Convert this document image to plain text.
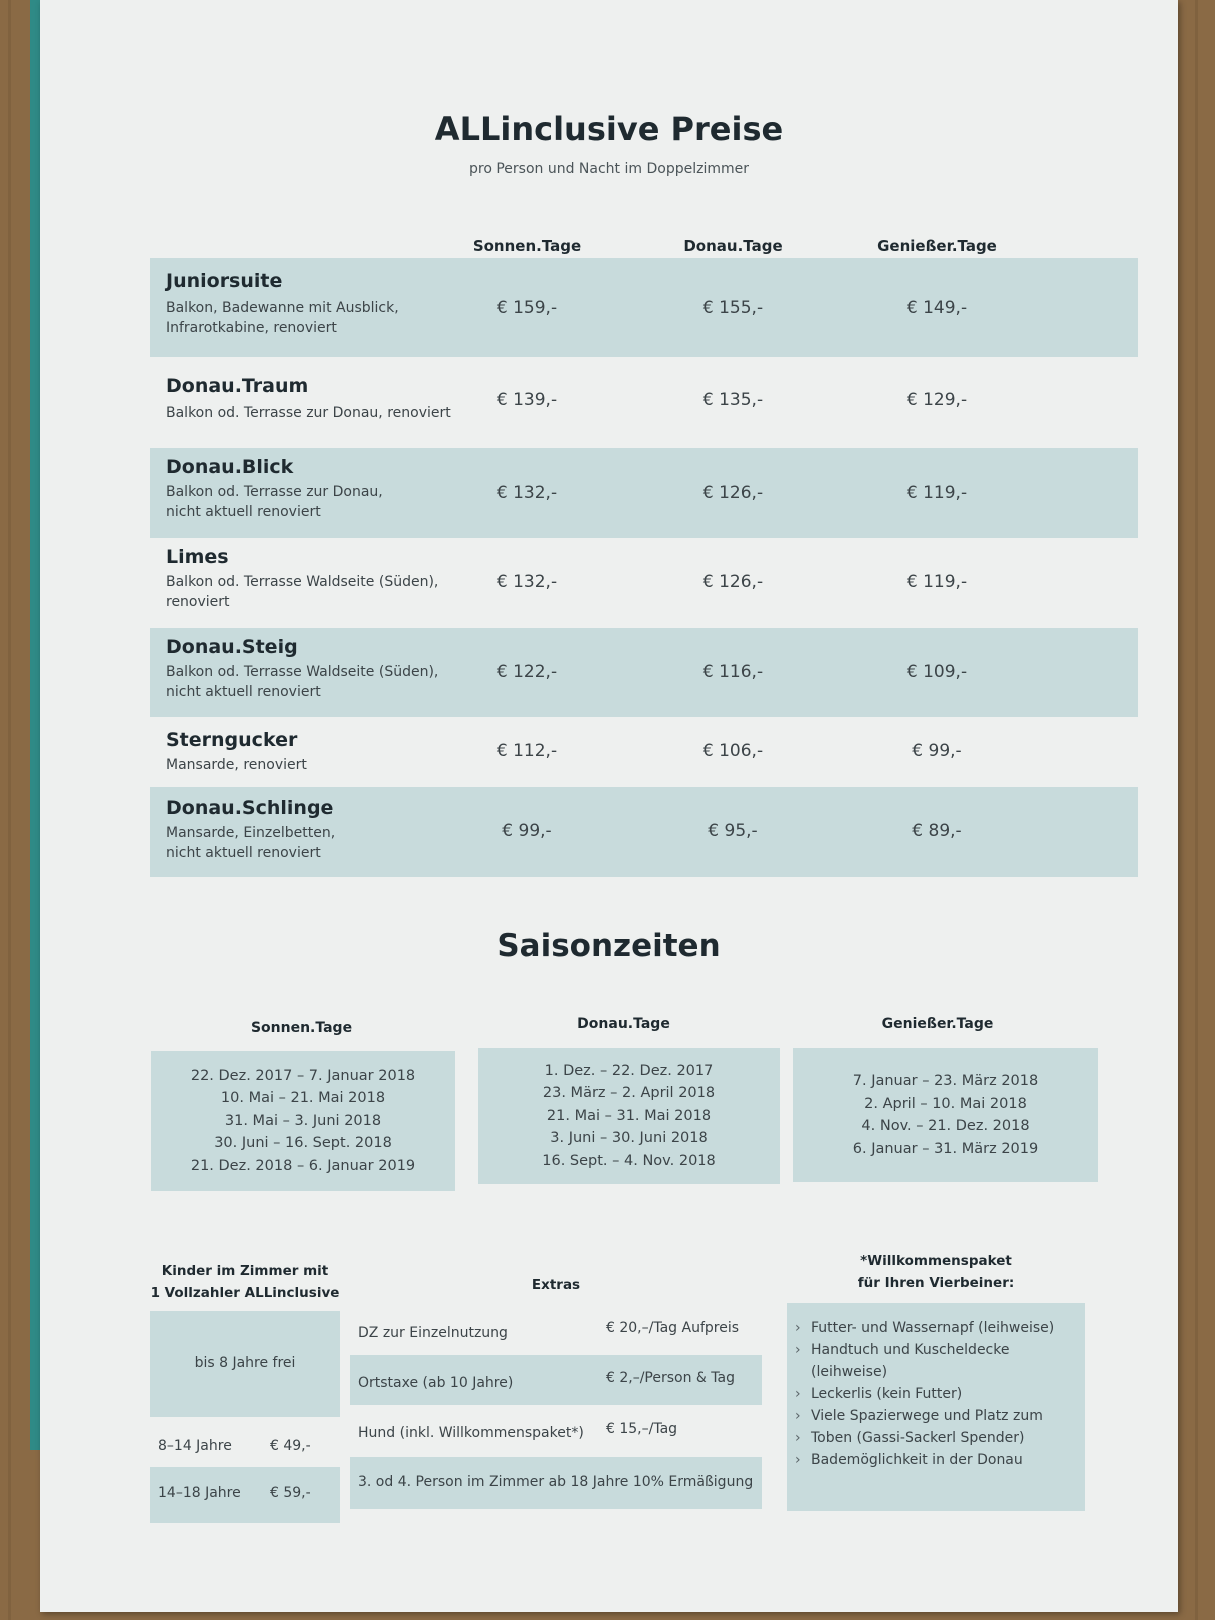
ALLinclusive Preise
pro Person und Nacht im Doppelzimmer
Sonnen.Tage	Donau.Tage	Genießer.Tage
Juniorsuite
Balkon, Badewanne mit Ausblick,
Infrarotkabine, renoviert
€ 159,-	€ 155,-	€ 149,-
Donau.Traum
Balkon od. Terrasse zur Donau, renoviert
€ 139,-	€ 135,-	€ 129,-
Donau.Blick
Balkon od. Terrasse zur Donau,
nicht aktuell renoviert
€ 132,-	€ 126,-	€ 119,-
Limes
Balkon od. Terrasse Waldseite (Süden),
renoviert
€ 132,-	€ 126,-	€ 119,-
Donau.Steig
Balkon od. Terrasse Waldseite (Süden),
nicht aktuell renoviert
€ 122,-	€ 116,-	€ 109,-
Sterngucker
Mansarde, renoviert
€ 112,-	€ 106,-	€ 99,-
Donau.Schlinge
Mansarde, Einzelbetten,
nicht aktuell renoviert
€ 99,-	€ 95,-	€ 89,-
Saisonzeiten
Sonnen.Tage	Donau.Tage	Genießer.Tage
22. Dez. 2017 – 7. Januar 2018
10. Mai – 21. Mai 2018
31. Mai – 3. Juni 2018
30. Juni – 16. Sept. 2018
21. Dez. 2018 – 6. Januar 2019
1. Dez. – 22. Dez. 2017
23. März – 2. April 2018
21. Mai – 31. Mai 2018
3. Juni – 30. Juni 2018
16. Sept. – 4. Nov. 2018
7. Januar – 23. März 2018
2. April – 10. Mai 2018
4. Nov. – 21. Dez. 2018
6. Januar – 31. März 2019
Kinder im Zimmer mit
1 Vollzahler ALLinclusive
bis 8 Jahre frei
8–14 Jahre	€ 49,-
14–18 Jahre € 59,-
Extras
DZ zur Einzelnutzung	€ 20,–/Tag Aufpreis
Ortstaxe (ab 10 Jahre)	€ 2,–/Person & Tag
Hund (inkl. Willkommenspaket*) € 15,–/Tag
3. od 4. Person im Zimmer ab 18 Jahre 10% Ermäßigung
*Willkommenspaket
für Ihren Vierbeiner:
› Futter- und Wassernapf (leihweise)
› Handtuch und Kuscheldecke (leihweise)
› Leckerlis (kein Futter)
› Viele Spazierwege und Platz zum
› Toben (Gassi-Sackerl Spender)
› Bademöglichkeit in der Donau
